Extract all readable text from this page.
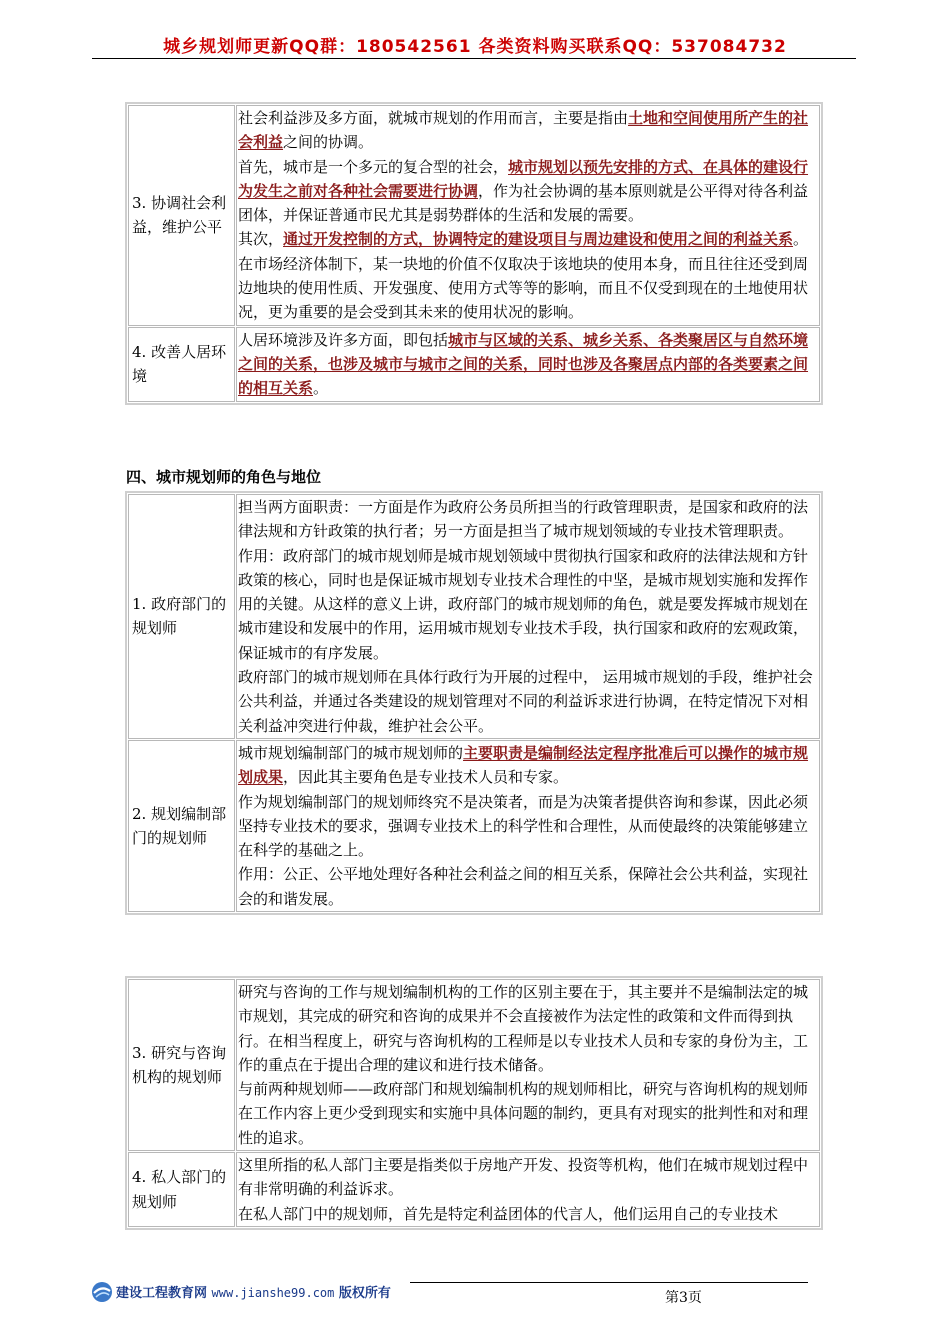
城乡规划师更新QQ群：180542561 各类资料购买联系QQ：537084732
3. 协调社会利益，维护公平	社会利益涉及多方面，就城市规划的作用而言，主要是指由土地和空间使用所产生的社会利益之间的协调。
首先，城市是一个多元的复合型的社会，城市规划以预先安排的方式、在具体的建设行为发生之前对各种社会需要进行协调，作为社会协调的基本原则就是公平得对待各利益团体，并保证普通市民尤其是弱势群体的生活和发展的需要。
其次，通过开发控制的方式，协调特定的建设项目与周边建设和使用之间的利益关系。在市场经济体制下，某一块地的价值不仅取决于该地块的使用本身，而且往往还受到周边地块的使用性质、开发强度、使用方式等等的影响，而且不仅受到现在的土地使用状况，更为重要的是会受到其未来的使用状况的影响。
4. 改善人居环境	人居环境涉及许多方面，即包括城市与区域的关系、城乡关系、各类聚居区与自然环境之间的关系，也涉及城市与城市之间的关系，同时也涉及各聚居点内部的各类要素之间的相互关系。
四、城市规划师的角色与地位
1. 政府部门的规划师	担当两方面职责：一方面是作为政府公务员所担当的行政管理职责，是国家和政府的法律法规和方针政策的执行者；另一方面是担当了城市规划领域的专业技术管理职责。
作用：政府部门的城市规划师是城市规划领域中贯彻执行国家和政府的法律法规和方针政策的核心，同时也是保证城市规划专业技术合理性的中坚，是城市规划实施和发挥作用的关键。从这样的意义上讲，政府部门的城市规划师的角色，就是要发挥城市规划在城市建设和发展中的作用，运用城市规划专业技术手段，执行国家和政府的宏观政策，保证城市的有序发展。
政府部门的城市规划师在具体行政行为开展的过程中， 运用城市规划的手段，维护社会公共利益，并通过各类建设的规划管理对不同的利益诉求进行协调，在特定情况下对相关利益冲突进行仲裁，维护社会公平。
2. 规划编制部门的规划师	城市规划编制部门的城市规划师的主要职责是编制经法定程序批准后可以操作的城市规划成果，因此其主要角色是专业技术人员和专家。
作为规划编制部门的规划师终究不是决策者，而是为决策者提供咨询和参谋，因此必须坚持专业技术的要求，强调专业技术上的科学性和合理性，从而使最终的决策能够建立在科学的基础之上。
作用：公正、公平地处理好各种社会利益之间的相互关系，保障社会公共利益，实现社会的和谐发展。
3. 研究与咨询机构的规划师	研究与咨询的工作与规划编制机构的工作的区别主要在于，其主要并不是编制法定的城市规划，其完成的研究和咨询的成果并不会直接被作为法定性的政策和文件而得到执行。在相当程度上，研究与咨询机构的工程师是以专业技术人员和专家的身份为主，工作的重点在于提出合理的建议和进行技术储备。
与前两种规划师——政府部门和规划编制机构的规划师相比，研究与咨询机构的规划师在工作内容上更少受到现实和实施中具体问题的制约，更具有对现实的批判性和对和理性的追求。
4. 私人部门的规划师	这里所指的私人部门主要是指类似于房地产开发、投资等机构，他们在城市规划过程中有非常明确的利益诉求。
在私人部门中的规划师，首先是特定利益团体的代言人，他们运用自己的专业技术
建设工程教育网 www.jianshe99.com 版权所有	第3页
